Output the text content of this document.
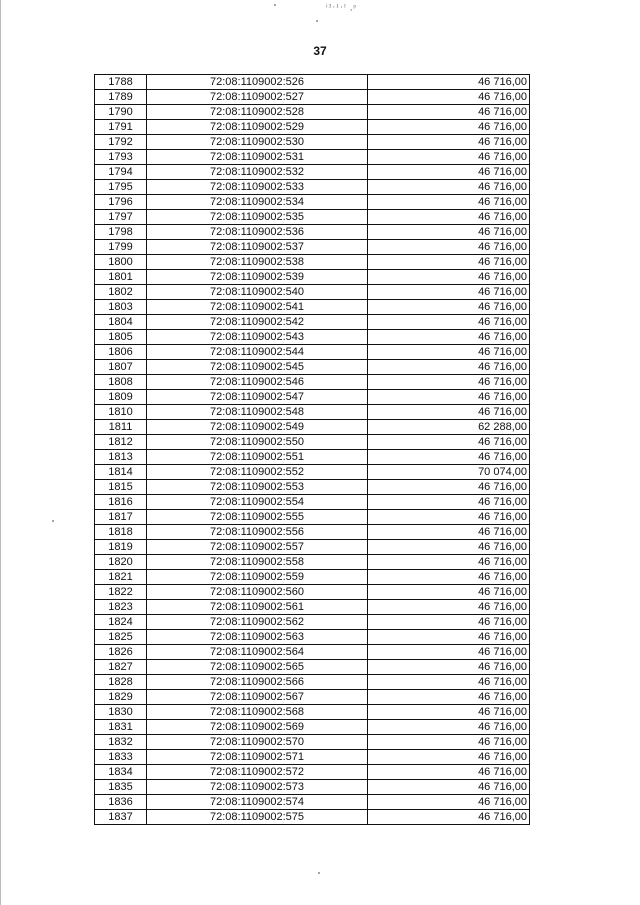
ⁱ³·¹·ᴵ ,ᵖ
37
1788	72:08:1109002:526	46 716,00
1789	72:08:1109002:527	46 716,00
1790	72:08:1109002:528	46 716,00
1791	72:08:1109002:529	46 716,00
1792	72:08:1109002:530	46 716,00
1793	72:08:1109002:531	46 716,00
1794	72:08:1109002:532	46 716,00
1795	72:08:1109002:533	46 716,00
1796	72:08:1109002:534	46 716,00
1797	72:08:1109002:535	46 716,00
1798	72:08:1109002:536	46 716,00
1799	72:08:1109002:537	46 716,00
1800	72:08:1109002:538	46 716,00
1801	72:08:1109002:539	46 716,00
1802	72:08:1109002:540	46 716,00
1803	72:08:1109002:541	46 716,00
1804	72:08:1109002:542	46 716,00
1805	72:08:1109002:543	46 716,00
1806	72:08:1109002:544	46 716,00
1807	72:08:1109002:545	46 716,00
1808	72:08:1109002:546	46 716,00
1809	72:08:1109002:547	46 716,00
1810	72:08:1109002:548	46 716,00
1811	72:08:1109002:549	62 288,00
1812	72:08:1109002:550	46 716,00
1813	72:08:1109002:551	46 716,00
1814	72:08:1109002:552	70 074,00
1815	72:08:1109002:553	46 716,00
1816	72:08:1109002:554	46 716,00
1817	72:08:1109002:555	46 716,00
1818	72:08:1109002:556	46 716,00
1819	72:08:1109002:557	46 716,00
1820	72:08:1109002:558	46 716,00
1821	72:08:1109002:559	46 716,00
1822	72:08:1109002:560	46 716,00
1823	72:08:1109002:561	46 716,00
1824	72:08:1109002:562	46 716,00
1825	72:08:1109002:563	46 716,00
1826	72:08:1109002:564	46 716,00
1827	72:08:1109002:565	46 716,00
1828	72:08:1109002:566	46 716,00
1829	72:08:1109002:567	46 716,00
1830	72:08:1109002:568	46 716,00
1831	72:08:1109002:569	46 716,00
1832	72:08:1109002:570	46 716,00
1833	72:08:1109002:571	46 716,00
1834	72:08:1109002:572	46 716,00
1835	72:08:1109002:573	46 716,00
1836	72:08:1109002:574	46 716,00
1837	72:08:1109002:575	46 716,00
